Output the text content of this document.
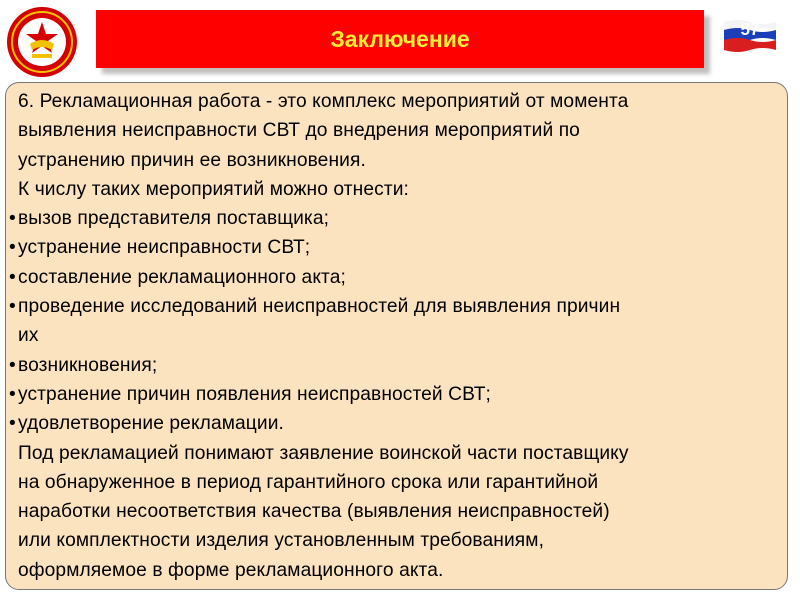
Заключение	57
6. Рекламационная работа - это комплекс мероприятий от момента
выявления неисправности СВТ до внедрения мероприятий по
устранению причин ее возникновения.
К числу таких мероприятий можно отнести:
• вызов представителя поставщика;
• устранение неисправности СВТ;
• составление рекламационного акта;
• проведение исследований неисправностей для выявления причин
их
• возникновения;
• устранение причин появления неисправностей СВТ;
• удовлетворение рекламации.
Под рекламацией понимают заявление воинской части поставщику
на обнаруженное в период гарантийного срока или гарантийной
наработки несоответствия качества (выявления неисправностей)
или комплектности изделия установленным требованиям,
оформляемое в форме рекламационного акта.
